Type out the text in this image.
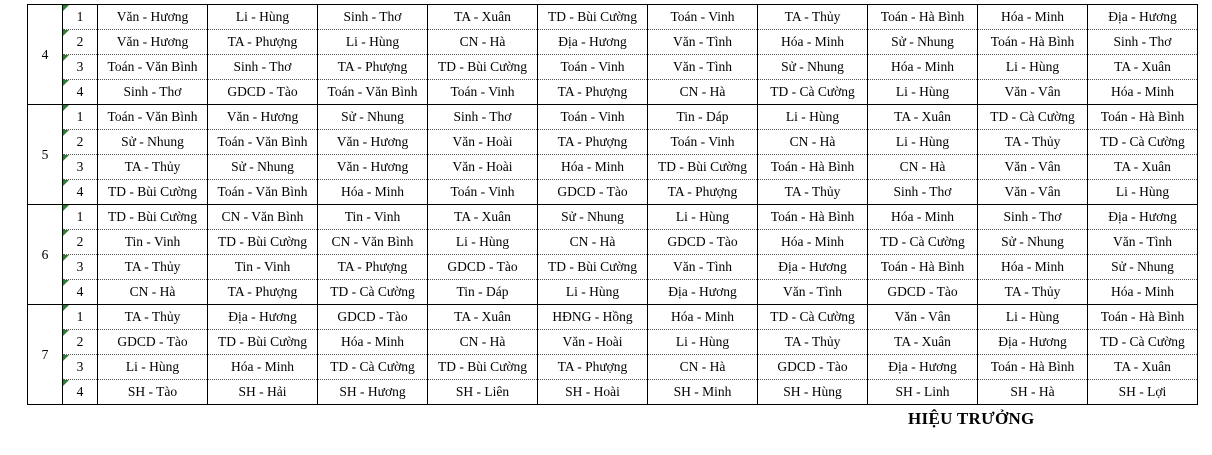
4	1	Văn - Hương	Li - Hùng	Sinh - Thơ	TA - Xuân	TD - Bùi Cường	Toán - Vinh	TA - Thủy	Toán - Hà Bình	Hóa - Minh	Địa - Hương

2	Văn - Hương	TA - Phượng	Li - Hùng	CN - Hà	Địa - Hương	Văn - Tình	Hóa - Minh	Sử - Nhung	Toán - Hà Bình	Sinh - Thơ

3	Toán - Văn Bình	Sinh - Thơ	TA - Phượng	TD - Bùi Cường	Toán - Vinh	Văn - Tình	Sử - Nhung	Hóa - Minh	Li - Hùng	TA - Xuân

4	Sinh - Thơ	GDCD - Tào	Toán - Văn Bình	Toán - Vinh	TA - Phượng	CN - Hà	TD - Cà Cường	Li - Hùng	Văn - Vân	Hóa - Minh
5	1	Toán - Văn Bình	Văn - Hương	Sử - Nhung	Sinh - Thơ	Toán - Vinh	Tin - Dáp	Li - Hùng	TA - Xuân	TD - Cà Cường	Toán - Hà Bình

2	Sử - Nhung	Toán - Văn Bình	Văn - Hương	Văn - Hoài	TA - Phượng	Toán - Vinh	CN - Hà	Li - Hùng	TA - Thủy	TD - Cà Cường

3	TA - Thủy	Sử - Nhung	Văn - Hương	Văn - Hoài	Hóa - Minh	TD - Bùi Cường	Toán - Hà Bình	CN - Hà	Văn - Vân	TA - Xuân

4	TD - Bùi Cường	Toán - Văn Bình	Hóa - Minh	Toán - Vinh	GDCD - Tào	TA - Phượng	TA - Thủy	Sinh - Thơ	Văn - Vân	Li - Hùng
6	1	TD - Bùi Cường	CN - Văn Bình	Tin - Vinh	TA - Xuân	Sử - Nhung	Li - Hùng	Toán - Hà Bình	Hóa - Minh	Sinh - Thơ	Địa - Hương

2	Tin - Vinh	TD - Bùi Cường	CN - Văn Bình	Li - Hùng	CN - Hà	GDCD - Tào	Hóa - Minh	TD - Cà Cường	Sử - Nhung	Văn - Tình

3	TA - Thủy	Tin - Vinh	TA - Phượng	GDCD - Tào	TD - Bùi Cường	Văn - Tình	Địa - Hương	Toán - Hà Bình	Hóa - Minh	Sử - Nhung

4	CN - Hà	TA - Phượng	TD - Cà Cường	Tin - Dáp	Li - Hùng	Địa - Hương	Văn - Tình	GDCD - Tào	TA - Thủy	Hóa - Minh
7	1	TA - Thủy	Địa - Hương	GDCD - Tào	TA - Xuân	HĐNG - Hồng	Hóa - Minh	TD - Cà Cường	Văn - Vân	Li - Hùng	Toán - Hà Bình

2	GDCD - Tào	TD - Bùi Cường	Hóa - Minh	CN - Hà	Văn - Hoài	Li - Hùng	TA - Thủy	TA - Xuân	Địa - Hương	TD - Cà Cường

3	Li - Hùng	Hóa - Minh	TD - Cà Cường	TD - Bùi Cường	TA - Phượng	CN - Hà	GDCD - Tào	Địa - Hương	Toán - Hà Bình	TA - Xuân

4	SH - Tào	SH - Hải	SH - Hương	SH - Liên	SH - Hoài	SH - Minh	SH - Hùng	SH - Linh	SH - Hà	SH - Lợi
HIỆU TRƯỞNG
